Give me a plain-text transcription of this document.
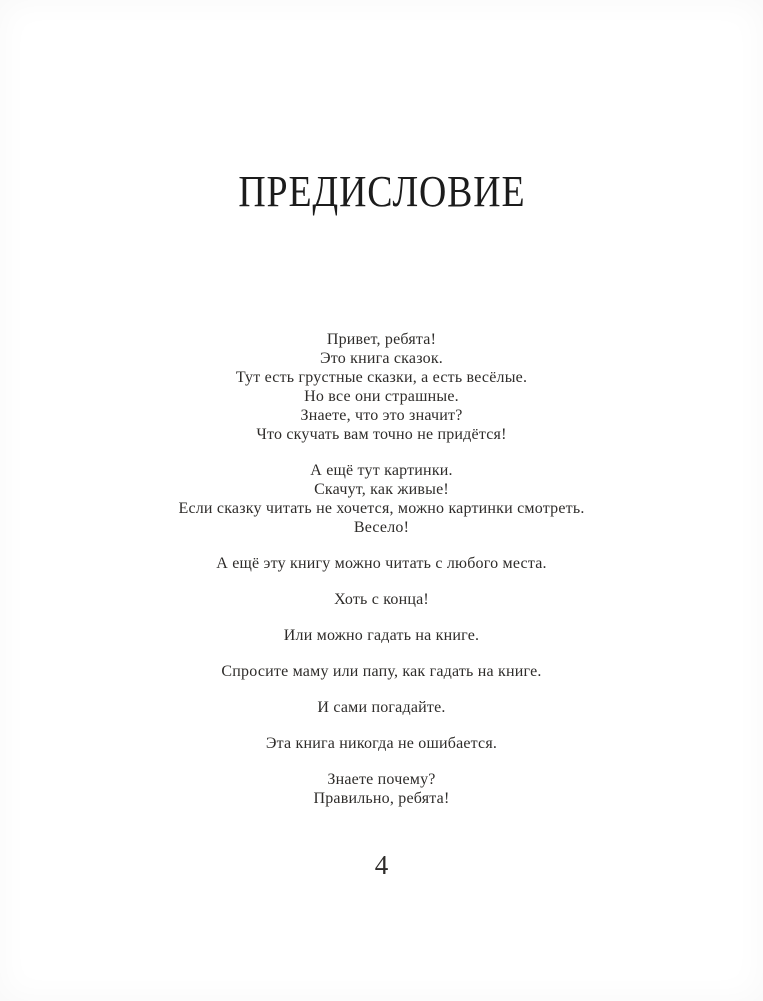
ПРЕДИСЛОВИЕ

Привет, ребята!
Это книга сказок.
Тут есть грустные сказки, а есть весёлые.
Но все они страшные.
Знаете, что это значит?
Что скучать вам точно не придётся!

А ещё тут картинки.
Скачут, как живые!
Если сказку читать не хочется, можно картинки смотреть.
Весело!

А ещё эту книгу можно читать с любого места.

Хоть с конца!

Или можно гадать на книге.

Спросите маму или папу, как гадать на книге.

И сами погадайте.

Эта книга никогда не ошибается.

Знаете почему?
Правильно, ребята!

4
